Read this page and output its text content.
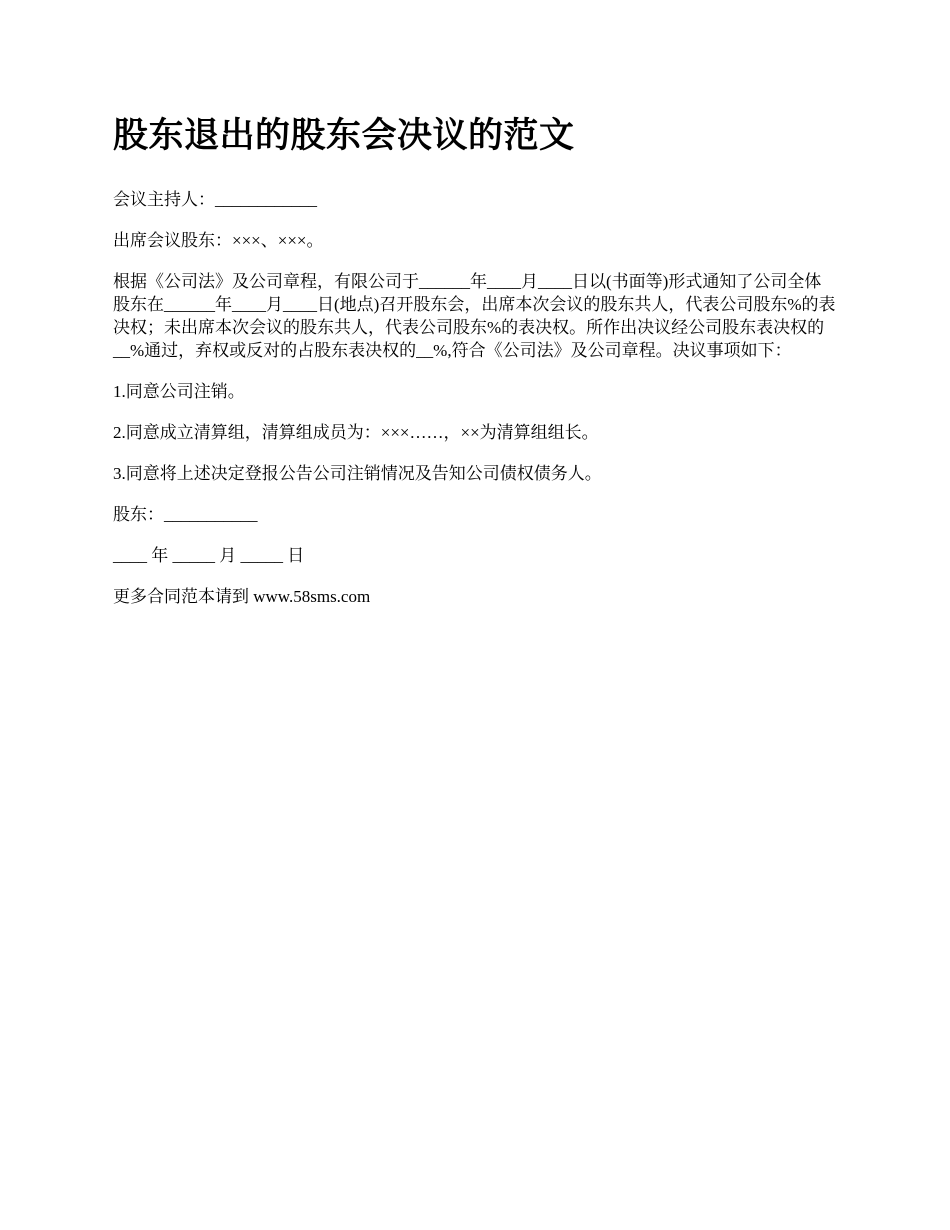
股东退出的股东会决议的范文

会议主持人：____________

出席会议股东：×××、×××。

根据《公司法》及公司章程，有限公司于______年____月____日以(书面等)形式通知了公司全体股东在______年____月____日(地点)召开股东会，出席本次会议的股东共人，代表公司股东%的表决权；未出席本次会议的股东共人，代表公司股东%的表决权。所作出决议经公司股东表决权的__%通过，弃权或反对的占股东表决权的__%,符合《公司法》及公司章程。决议事项如下：

1.同意公司注销。

2.同意成立清算组，清算组成员为：×××……，××为清算组组长。

3.同意将上述决定登报公告公司注销情况及告知公司债权债务人。

股东：___________

____ 年 _____ 月 _____ 日

更多合同范本请到 www.58sms.com
